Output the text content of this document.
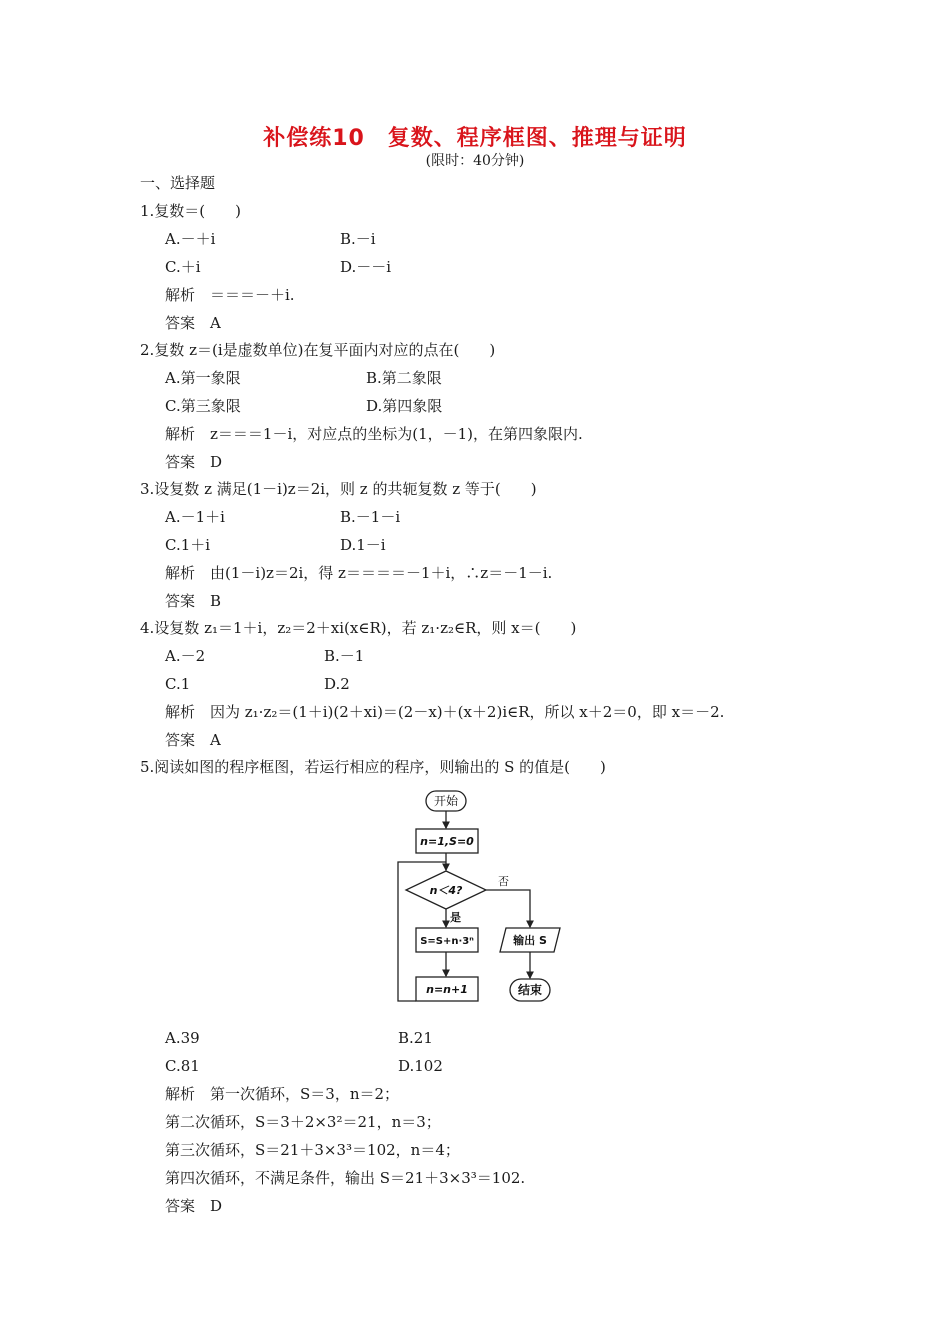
补偿练10　复数、程序框图、推理与证明
(限时：40分钟)
一、选择题
1.复数＝(　　)
A.－＋i	B.－i
C.＋i	D.－－i
解析　＝＝＝－＋i.
答案　A
2.复数 z＝(i是虚数单位)在复平面内对应的点在(　　)
A.第一象限	B.第二象限
C.第三象限	D.第四象限
解析　z＝＝＝1－i，对应点的坐标为(1，－1)，在第四象限内.
答案　D
3.设复数 z 满足(1－i)z＝2i，则 z 的共轭复数 z 等于(　　)
A.－1＋i	B.－1－i
C.1＋i	D.1－i
解析　由(1－i)z＝2i，得 z＝＝＝＝－1＋i，∴z＝－1－i.
答案　B
4.设复数 z₁＝1＋i，z₂＝2＋xi(x∈R)，若 z₁·z₂∈R，则 x＝(　　)
A.－2	B.－1
C.1	D.2
解析　因为 z₁·z₂＝(1＋i)(2＋xi)＝(2－x)＋(x＋2)i∈R，所以 x＋2＝0，即 x＝－2.
答案　A
5.阅读如图的程序框图，若运行相应的程序，则输出的 S 的值是(　　)
开始
n=1,S=0
n＜4?
是
否
S=S+n·3ⁿ
n=n+1
输出 S
结束
A.39	B.21
C.81	D.102
解析　第一次循环，S＝3，n＝2；
第二次循环，S＝3＋2×3²＝21，n＝3；
第三次循环，S＝21＋3×3³＝102，n＝4；
第四次循环，不满足条件，输出 S＝21＋3×3³＝102.
答案　D
